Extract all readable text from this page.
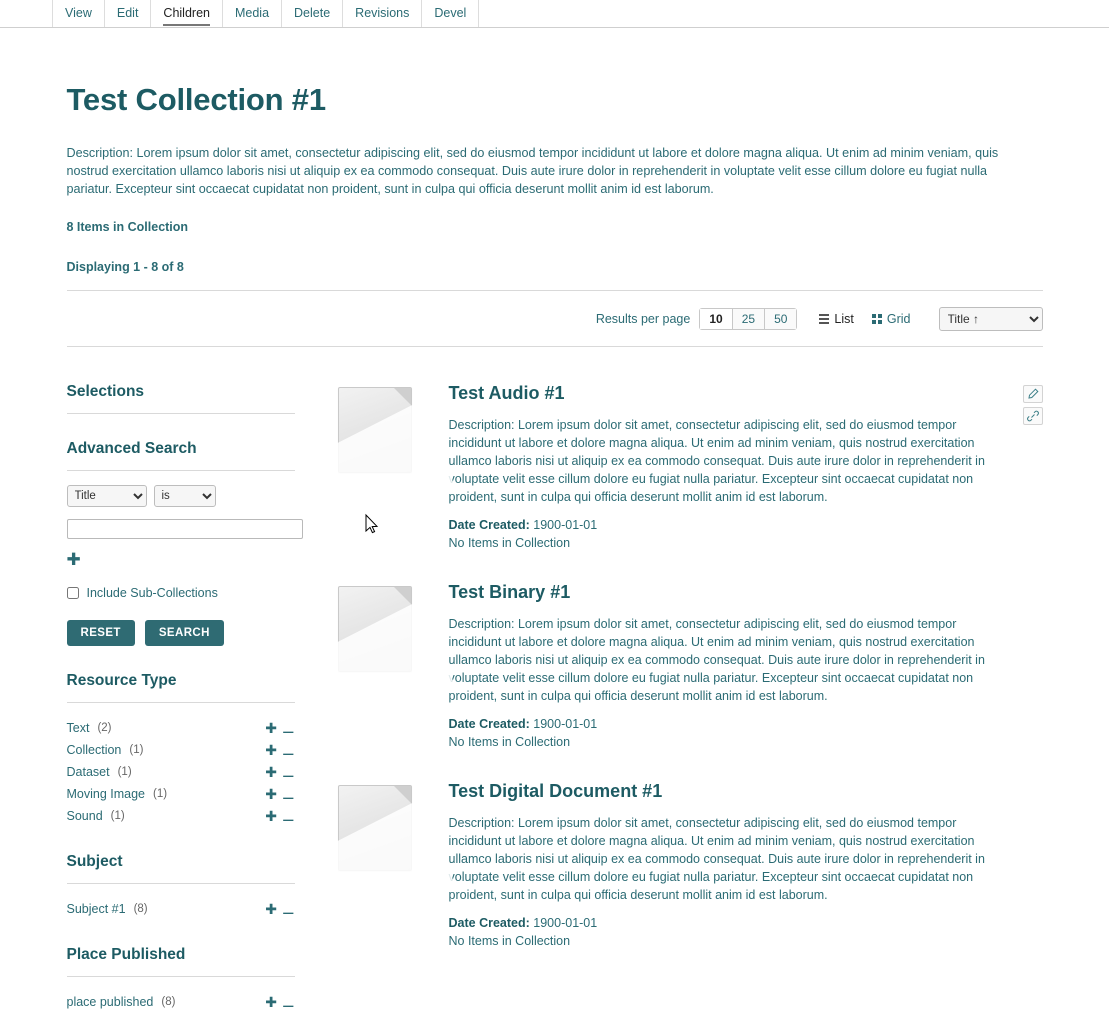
View	Edit	Children	Media	Delete	Revisions	Devel
Test Collection #1

Description: Lorem ipsum dolor sit amet, consectetur adipiscing elit, sed do eiusmod tempor incididunt ut labore et dolore magna aliqua. Ut enim ad minim veniam, quis nostrud exercitation ullamco laboris nisi ut aliquip ex ea commodo consequat. Duis aute irure dolor in reprehenderit in voluptate velit esse cillum dolore eu fugiat nulla pariatur. Excepteur sint occaecat cupidatat non proident, sunt in culpa qui officia deserunt mollit anim id est laborum.

8 Items in Collection
Displaying 1 - 8 of 8
Results per page	10	25	50	List	Grid
Title ↑
Selections
Advanced Search
Title
is
✚
Include Sub-Collections
RESET	SEARCH
Resource Type
Text (2)	✚ ⚊
Collection (1)	✚ ⚊
Dataset (1)	✚ ⚊
Moving Image (1)	✚ ⚊
Sound (1)	✚ ⚊
Subject
Subject #1 (8)	✚ ⚊
Place Published
place published (8)	✚ ⚊
Test Audio #1

Description: Lorem ipsum dolor sit amet, consectetur adipiscing elit, sed do eiusmod tempor incididunt ut labore et dolore magna aliqua. Ut enim ad minim veniam, quis nostrud exercitation ullamco laboris nisi ut aliquip ex ea commodo consequat. Duis aute irure dolor in reprehenderit in voluptate velit esse cillum dolore eu fugiat nulla pariatur. Excepteur sint occaecat cupidatat non proident, sunt in culpa qui officia deserunt mollit anim id est laborum.

Date Created: 1900-01-01
No Items in Collection
Test Binary #1

Description: Lorem ipsum dolor sit amet, consectetur adipiscing elit, sed do eiusmod tempor incididunt ut labore et dolore magna aliqua. Ut enim ad minim veniam, quis nostrud exercitation ullamco laboris nisi ut aliquip ex ea commodo consequat. Duis aute irure dolor in reprehenderit in voluptate velit esse cillum dolore eu fugiat nulla pariatur. Excepteur sint occaecat cupidatat non proident, sunt in culpa qui officia deserunt mollit anim id est laborum.

Date Created: 1900-01-01
No Items in Collection
Test Digital Document #1

Description: Lorem ipsum dolor sit amet, consectetur adipiscing elit, sed do eiusmod tempor incididunt ut labore et dolore magna aliqua. Ut enim ad minim veniam, quis nostrud exercitation ullamco laboris nisi ut aliquip ex ea commodo consequat. Duis aute irure dolor in reprehenderit in voluptate velit esse cillum dolore eu fugiat nulla pariatur. Excepteur sint occaecat cupidatat non proident, sunt in culpa qui officia deserunt mollit anim id est laborum.

Date Created: 1900-01-01
No Items in Collection
